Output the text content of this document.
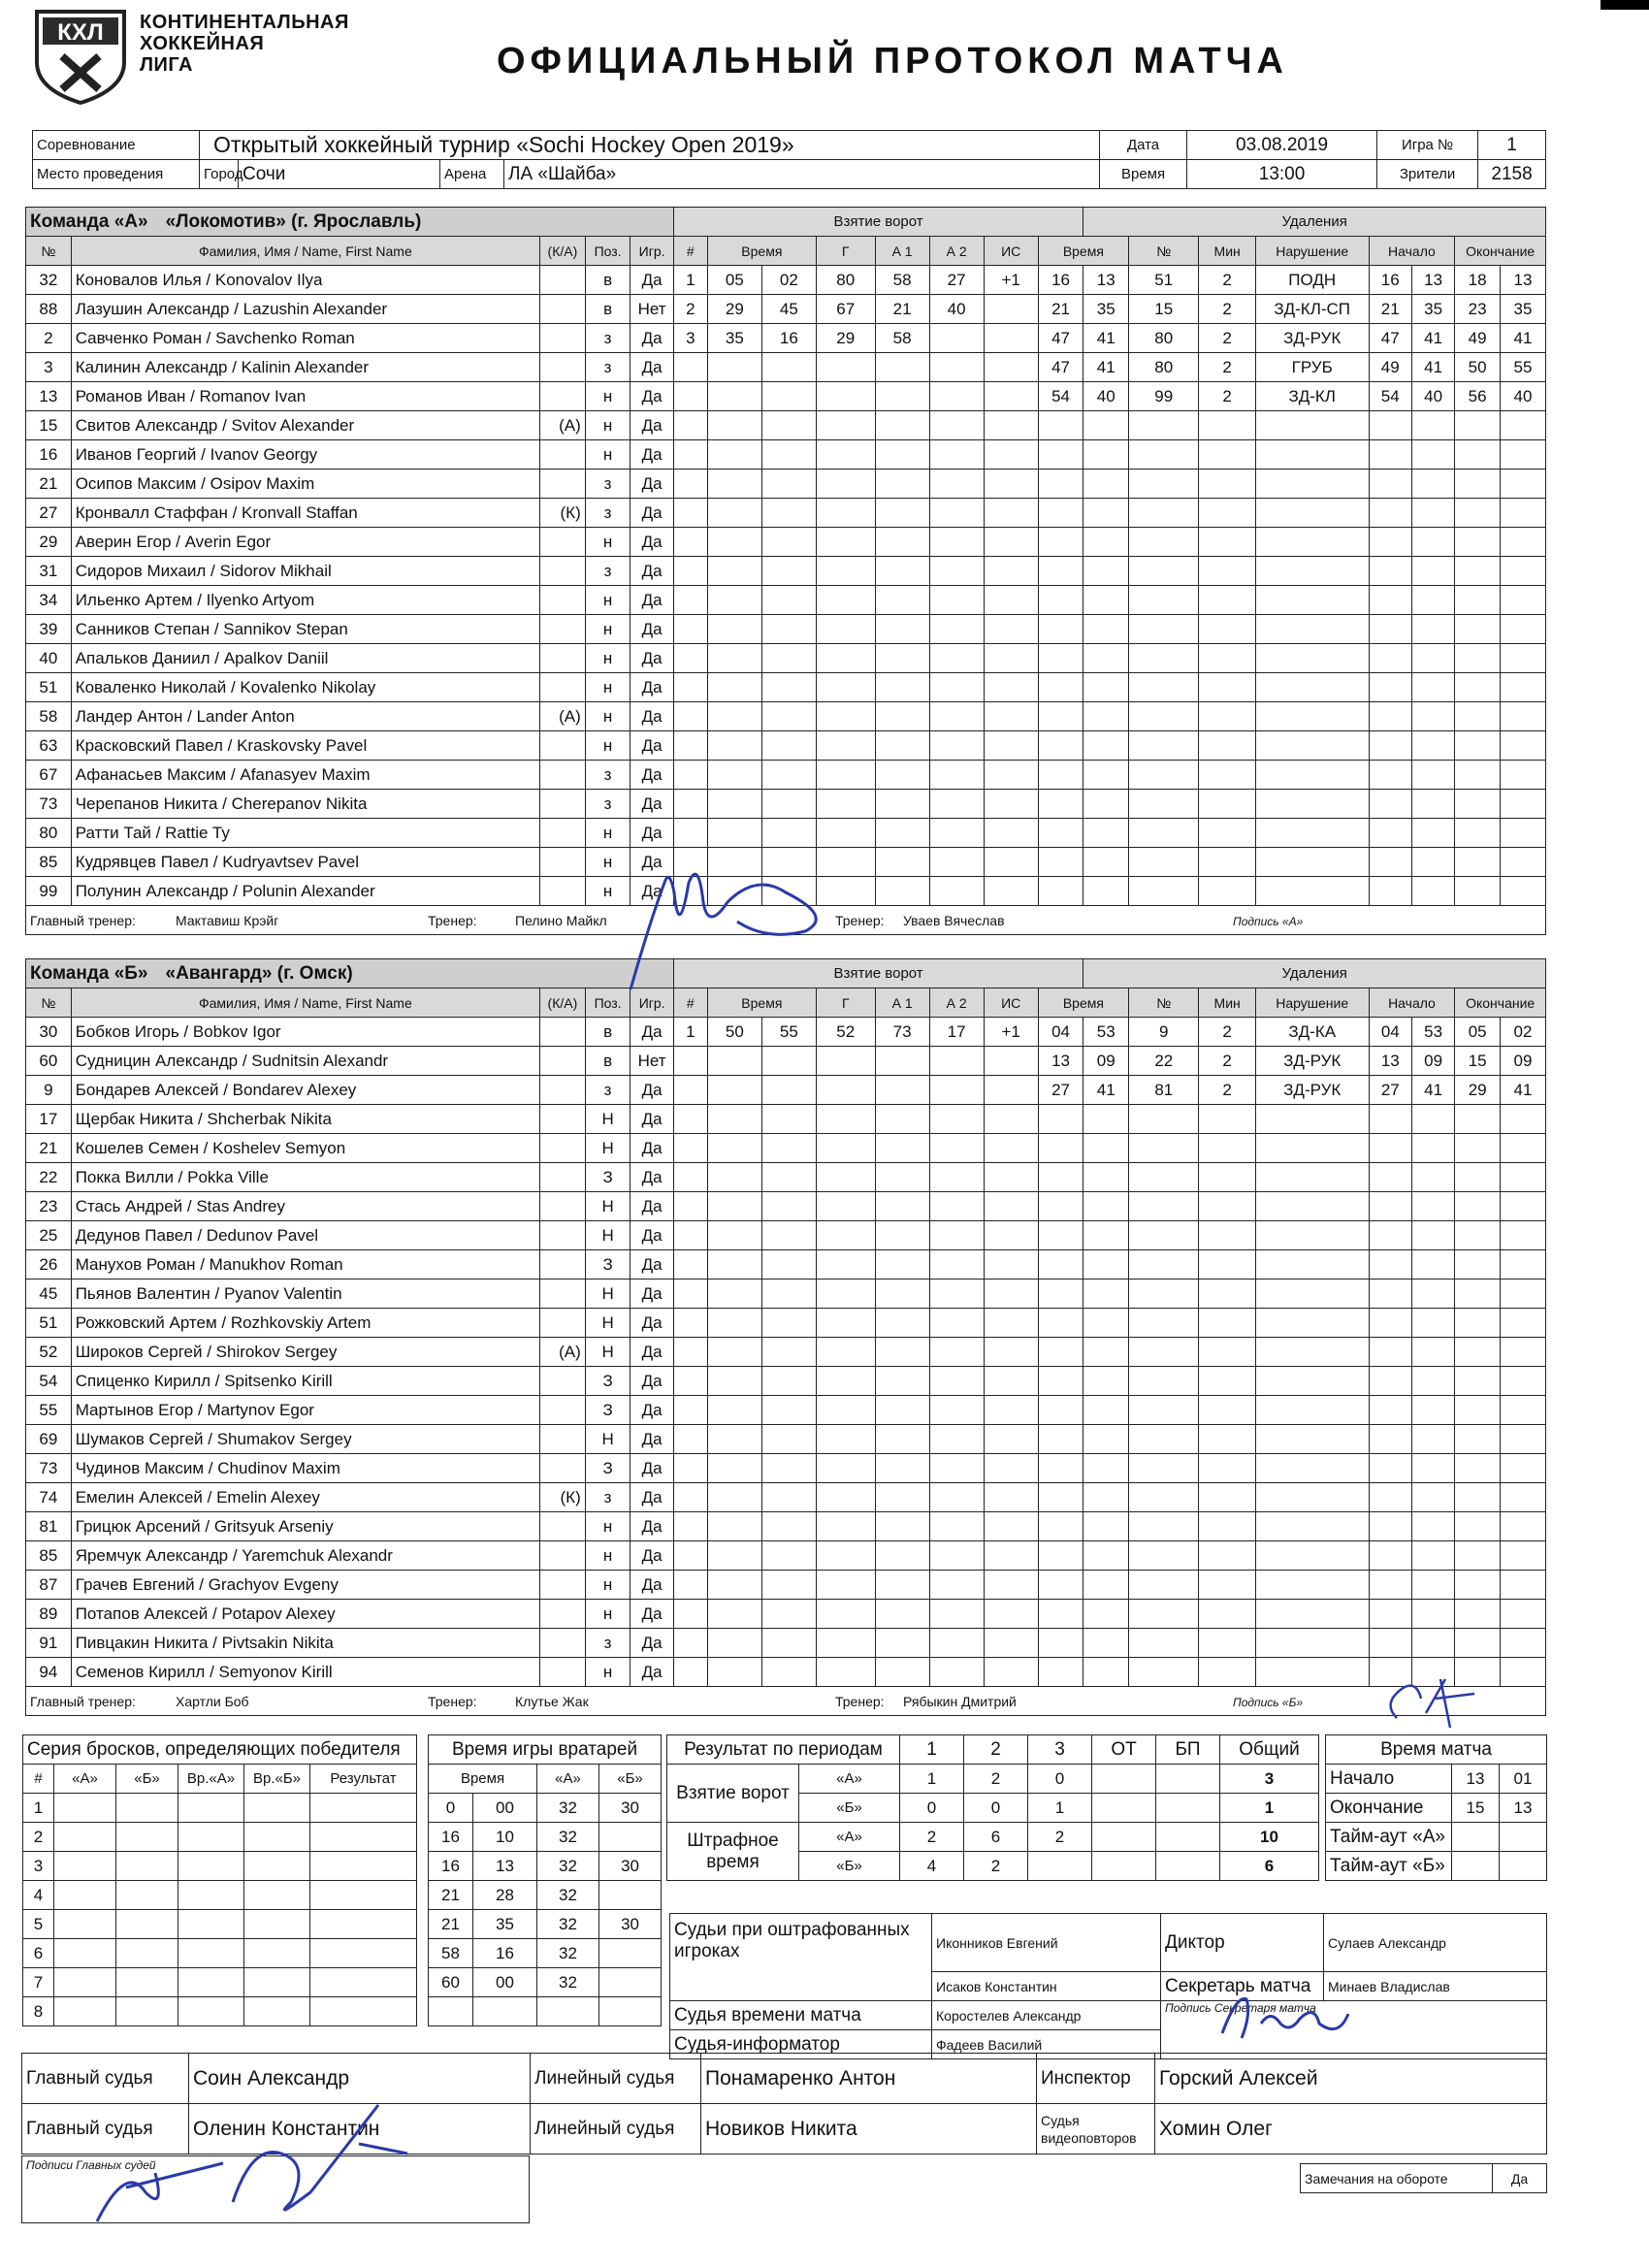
КХЛ КОНТИНЕНТАЛЬНАЯ
ХОККЕЙНАЯ
ЛИГА	ОФИЦИАЛЬНЫЙ ПРОТОКОЛ МАТЧА
Соревнование	Открытый хоккейный турнир «Sochi Hockey Open 2019»				Дата	03.08.2019	Игра №	1
Место проведения	Город	Сочи	Арена	ЛА «Шайба»	Время	13:00	Зрители	2158
Команда «А» «Локомотив» (г. Ярославль)					Взятие ворот								Удаления							
№	Фамилия, Имя / Name, First Name	(К/А)	Поз.	Игр.	#	Время		Г	А 1	А 2	ИС	Время		№	Мин	Нарушение	Начало		Окончание	
32	Коновалов Илья / Konovalov Ilya		в	Да	1	05	02	80	58	27	+1	16	13	51	2	ПОДН	16	13	18	13
88	Лазушин Александр / Lazushin Alexander		в	Нет	2	29	45	67	21	40		21	35	15	2	ЗД-КЛ-СП	21	35	23	35
2	Савченко Роман / Savchenko Roman		з	Да	3	35	16	29	58			47	41	80	2	ЗД-РУК	47	41	49	41
3	Калинин Александр / Kalinin Alexander		з	Да								47	41	80	2	ГРУБ	49	41	50	55
13	Романов Иван / Romanov Ivan		н	Да								54	40	99	2	ЗД-КЛ	54	40	56	40
15	Свитов Александр / Svitov Alexander	(А)	н	Да																
16	Иванов Георгий / Ivanov Georgy		н	Да																
21	Осипов Максим / Osipov Maxim		з	Да																
27	Кронвалл Стаффан / Kronvall Staffan	(К)	з	Да																
29	Аверин Егор / Averin Egor		н	Да																
31	Сидоров Михаил / Sidorov Mikhail		з	Да																
34	Ильенко Артем / Ilyenko Artyom		н	Да																
39	Санников Степан / Sannikov Stepan		н	Да																
40	Апальков Даниил / Apalkov Daniil		н	Да																
51	Коваленко Николай / Kovalenko Nikolay		н	Да																
58	Ландер Антон / Lander Anton	(А)	н	Да																
63	Красковский Павел / Kraskovsky Pavel		н	Да																
67	Афанасьев Максим / Afanasyev Maxim		з	Да																
73	Черепанов Никита / Cherepanov Nikita		з	Да																
80	Ратти Тай / Rattie Ty		н	Да																
85	Кудрявцев Павел / Kudryavtsev Pavel		н	Да																
99	Полунин Александр / Polunin Alexander		н	Да																
Главный тренер: Мактавиш Крэйг Тренер: Пелино Майкл Тренер: Уваев Вячеслав Подпись «А»																				
Команда «Б» «Авангард» (г. Омск)					Взятие ворот								Удаления							
№	Фамилия, Имя / Name, First Name	(К/А)	Поз.	Игр.	#	Время		Г	А 1	А 2	ИС	Время		№	Мин	Нарушение	Начало		Окончание	
30	Бобков Игорь / Bobkov Igor		в	Да	1	50	55	52	73	17	+1	04	53	9	2	ЗД-КА	04	53	05	02
60	Судницин Александр / Sudnitsin Alexandr		в	Нет								13	09	22	2	ЗД-РУК	13	09	15	09
9	Бондарев Алексей / Bondarev Alexey		з	Да								27	41	81	2	ЗД-РУК	27	41	29	41
17	Щербак Никита / Shcherbak Nikita		Н	Да																
21	Кошелев Семен / Koshelev Semyon		Н	Да																
22	Покка Вилли / Pokka Ville		З	Да																
23	Стась Андрей / Stas Andrey		Н	Да																
25	Дедунов Павел / Dedunov Pavel		Н	Да																
26	Манухов Роман / Manukhov Roman		З	Да																
45	Пьянов Валентин / Pyanov Valentin		Н	Да																
51	Рожковский Артем / Rozhkovskiy Artem		Н	Да																
52	Широков Сергей / Shirokov Sergey	(А)	Н	Да																
54	Спиценко Кирилл / Spitsenko Kirill		З	Да																
55	Мартынов Егор / Martynov Egor		З	Да																
69	Шумаков Сергей / Shumakov Sergey		Н	Да																
73	Чудинов Максим / Chudinov Maxim		З	Да																
74	Емелин Алексей / Emelin Alexey	(К)	з	Да																
81	Грицюк Арсений / Gritsyuk Arseniy		н	Да																
85	Яремчук Александр / Yaremchuk Alexandr		н	Да																
87	Грачев Евгений / Grachyov Evgeny		н	Да																
89	Потапов Алексей / Potapov Alexey		н	Да																
91	Пивцакин Никита / Pivtsakin Nikita		з	Да																
94	Семенов Кирилл / Semyonov Kirill		н	Да																
Главный тренер: Хартли Боб Тренер: Клутье Жак Тренер: Рябыкин Дмитрий Подпись «Б»																				
Серия бросков, определяющих победителя					
#	«А»	«Б»	Вр.«А»	Вр.«Б»	Результат
1					
2					
3					
4					
5					
6					
7					
8					
Время игры вратарей			
Время		«А»	«Б»
0	00	32	30
16	10	32	
16	13	32	30
21	28	32	
21	35	32	30
58	16	32	
60	00	32	

Результат по периодам		1	2	3	ОТ	БП	Общий
Взятие ворот	«А»	1	2	0			3
	«Б»	0	0	1			1
Штрафное время	«А»	2	6	2			10
	«Б»	4	2				6
Время матча		
Начало	13	01
Окончание	15	13
Тайм-аут «А»		
Тайм-аут «Б»		
Судьи при оштрафованных игроках	Иконников Евгений	Диктор	Сулаев Александр
	Исаков Константин	Секретарь матча	Минаев Владислав
Судья времени матча	Коростелев Александр	Подпись Секретаря матча	
Судья-информатор	Фадеев Василий		
Главный судья	Соин Александр	Линейный судья	Понамаренко Антон	Инспектор	Горский Алексей
Главный судья	Оленин Константин	Линейный судья	Новиков Никита	Судья видеоповторов	Хомин Олег
Подписи Главных судей
Замечания на обороте	Да
